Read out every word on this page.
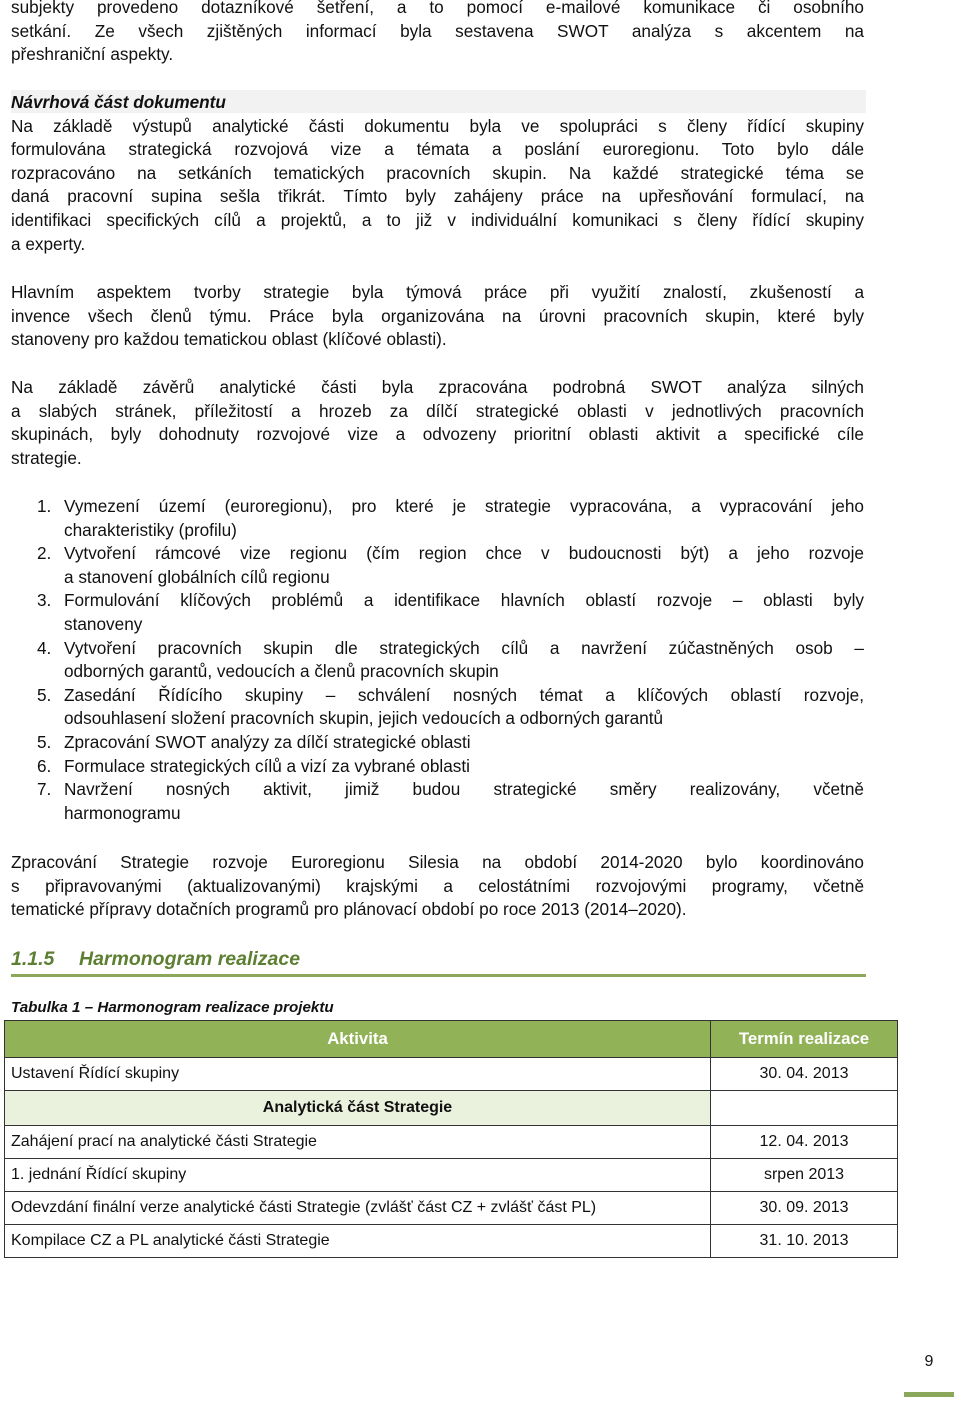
subjekty provedeno dotazníkové šetření, a to pomocí e-mailové komunikace či osobního
setkání. Ze všech zjištěných informací byla sestavena SWOT analýza s akcentem na
přeshraniční aspekty.
Návrhová část dokumentu
Na základě výstupů analytické části dokumentu byla ve spolupráci s členy řídící skupiny
formulována strategická rozvojová vize a témata a poslání euroregionu. Toto bylo dále
rozpracováno na setkáních tematických pracovních skupin. Na každé strategické téma se
daná pracovní supina sešla třikrát. Tímto byly zahájeny práce na upřesňování formulací, na
identifikaci specifických cílů a projektů, a to již v individuální komunikaci s členy řídící skupiny
a experty.
Hlavním aspektem tvorby strategie byla týmová práce při využití znalostí, zkušeností a
invence všech členů týmu. Práce byla organizována na úrovni pracovních skupin, které byly
stanoveny pro každou tematickou oblast (klíčové oblasti).
Na základě závěrů analytické části byla zpracována podrobná SWOT analýza silných
a slabých stránek, příležitostí a hrozeb za dílčí strategické oblasti v jednotlivých pracovních
skupinách, byly dohodnuty rozvojové vize a odvozeny prioritní oblasti aktivit a specifické cíle
strategie.
1. Vymezení území (euroregionu), pro které je strategie vypracována, a vypracování jeho
charakteristiky (profilu)
2. Vytvoření rámcové vize regionu (čím region chce v budoucnosti být) a jeho rozvoje
a stanovení globálních cílů regionu
3. Formulování klíčových problémů a identifikace hlavních oblastí rozvoje – oblasti byly
stanoveny
4. Vytvoření pracovních skupin dle strategických cílů a navržení zúčastněných osob –
odborných garantů, vedoucích a členů pracovních skupin
5. Zasedání Řídícího skupiny – schválení nosných témat a klíčových oblastí rozvoje,
odsouhlasení složení pracovních skupin, jejich vedoucích a odborných garantů
5. Zpracování SWOT analýzy za dílčí strategické oblasti
6. Formulace strategických cílů a vizí za vybrané oblasti
7. Navržení nosných aktivit, jimiž budou strategické směry realizovány, včetně
harmonogramu
Zpracování Strategie rozvoje Euroregionu Silesia na období 2014-2020 bylo koordinováno
s připravovanými (aktualizovanými) krajskými a celostátními rozvojovými programy, včetně
tematické přípravy dotačních programů pro plánovací období po roce 2013 (2014–2020).
1.1.5 Harmonogram realizace
Tabulka 1 – Harmonogram realizace projektu
Aktivita	Termín realizace
Ustavení Řídící skupiny	30. 04. 2013
Analytická část Strategie	
Zahájení prací na analytické části Strategie	12. 04. 2013
1. jednání Řídící skupiny	srpen 2013
Odevzdání finální verze analytické části Strategie (zvlášť část CZ + zvlášť část PL)	30. 09. 2013
Kompilace CZ a PL analytické části Strategie	31. 10. 2013
9
